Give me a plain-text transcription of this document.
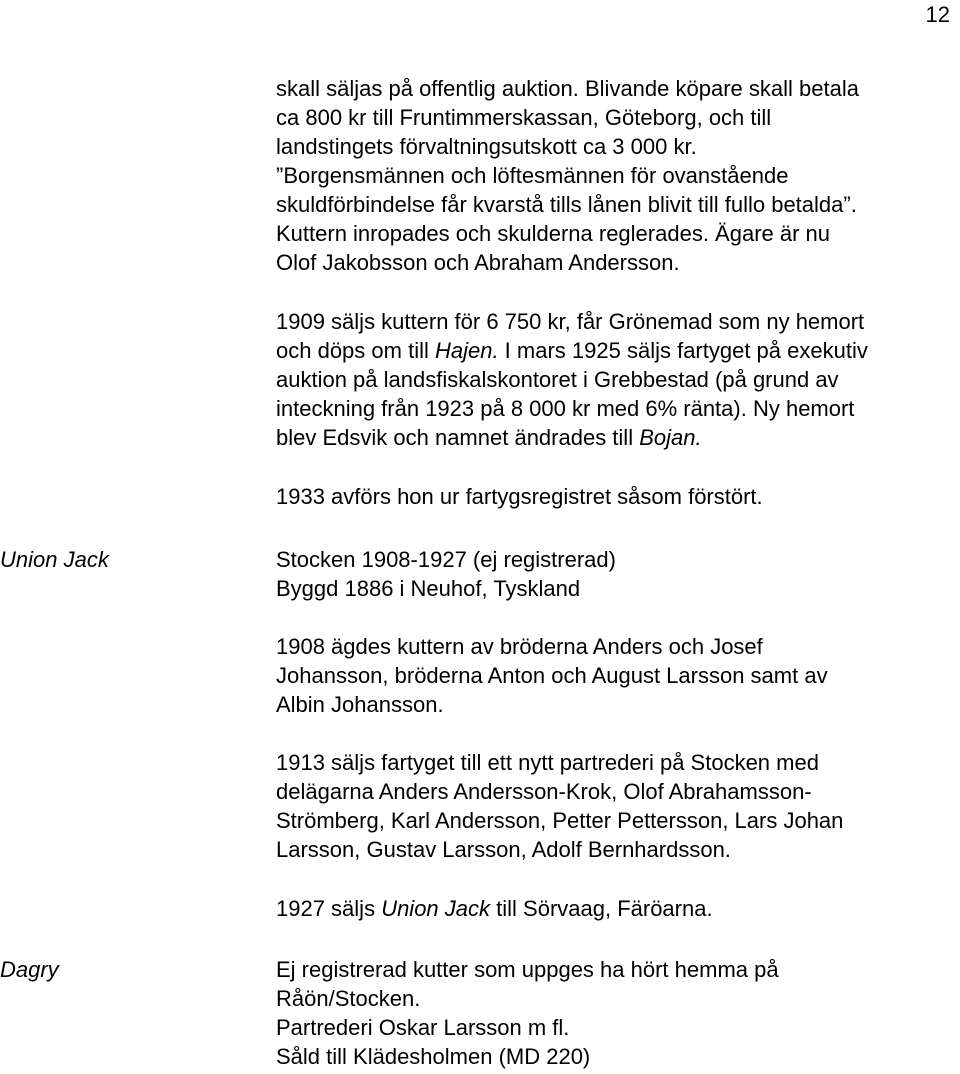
12

skall säljas på offentlig auktion. Blivande köpare skall betala

ca 800 kr till Fruntimmerskassan, Göteborg, och till

landstingets förvaltningsutskott ca 3 000 kr.

”Borgensmännen och löftesmännen för ovanstående

skuldförbindelse får kvarstå tills lånen blivit till fullo betalda”.

Kuttern inropades och skulderna reglerades. Ägare är nu

Olof Jakobsson och Abraham Andersson.

1909 säljs kuttern för 6 750 kr, får Grönemad som ny hemort

och döps om till Hajen. I mars 1925 säljs fartyget på exekutiv

auktion på landsfiskalskontoret i Grebbestad (på grund av

inteckning från 1923 på 8 000 kr med 6% ränta). Ny hemort

blev Edsvik och namnet ändrades till Bojan.

1933 avförs hon ur fartygsregistret såsom förstört.

Union Jack	Stocken 1908-1927 (ej registrerad)

Byggd 1886 i Neuhof, Tyskland

1908 ägdes kuttern av bröderna Anders och Josef

Johansson, bröderna Anton och August Larsson samt av

Albin Johansson.

1913 säljs fartyget till ett nytt partrederi på Stocken med

delägarna Anders Andersson-Krok, Olof Abrahamsson-

Strömberg, Karl Andersson, Petter Pettersson, Lars Johan

Larsson, Gustav Larsson, Adolf Bernhardsson.

1927 säljs Union Jack till Sörvaag, Färöarna.

Dagry	Ej registrerad kutter som uppges ha hört hemma på

Råön/Stocken.

Partrederi Oskar Larsson m fl.

Såld till Klädesholmen (MD 220)
